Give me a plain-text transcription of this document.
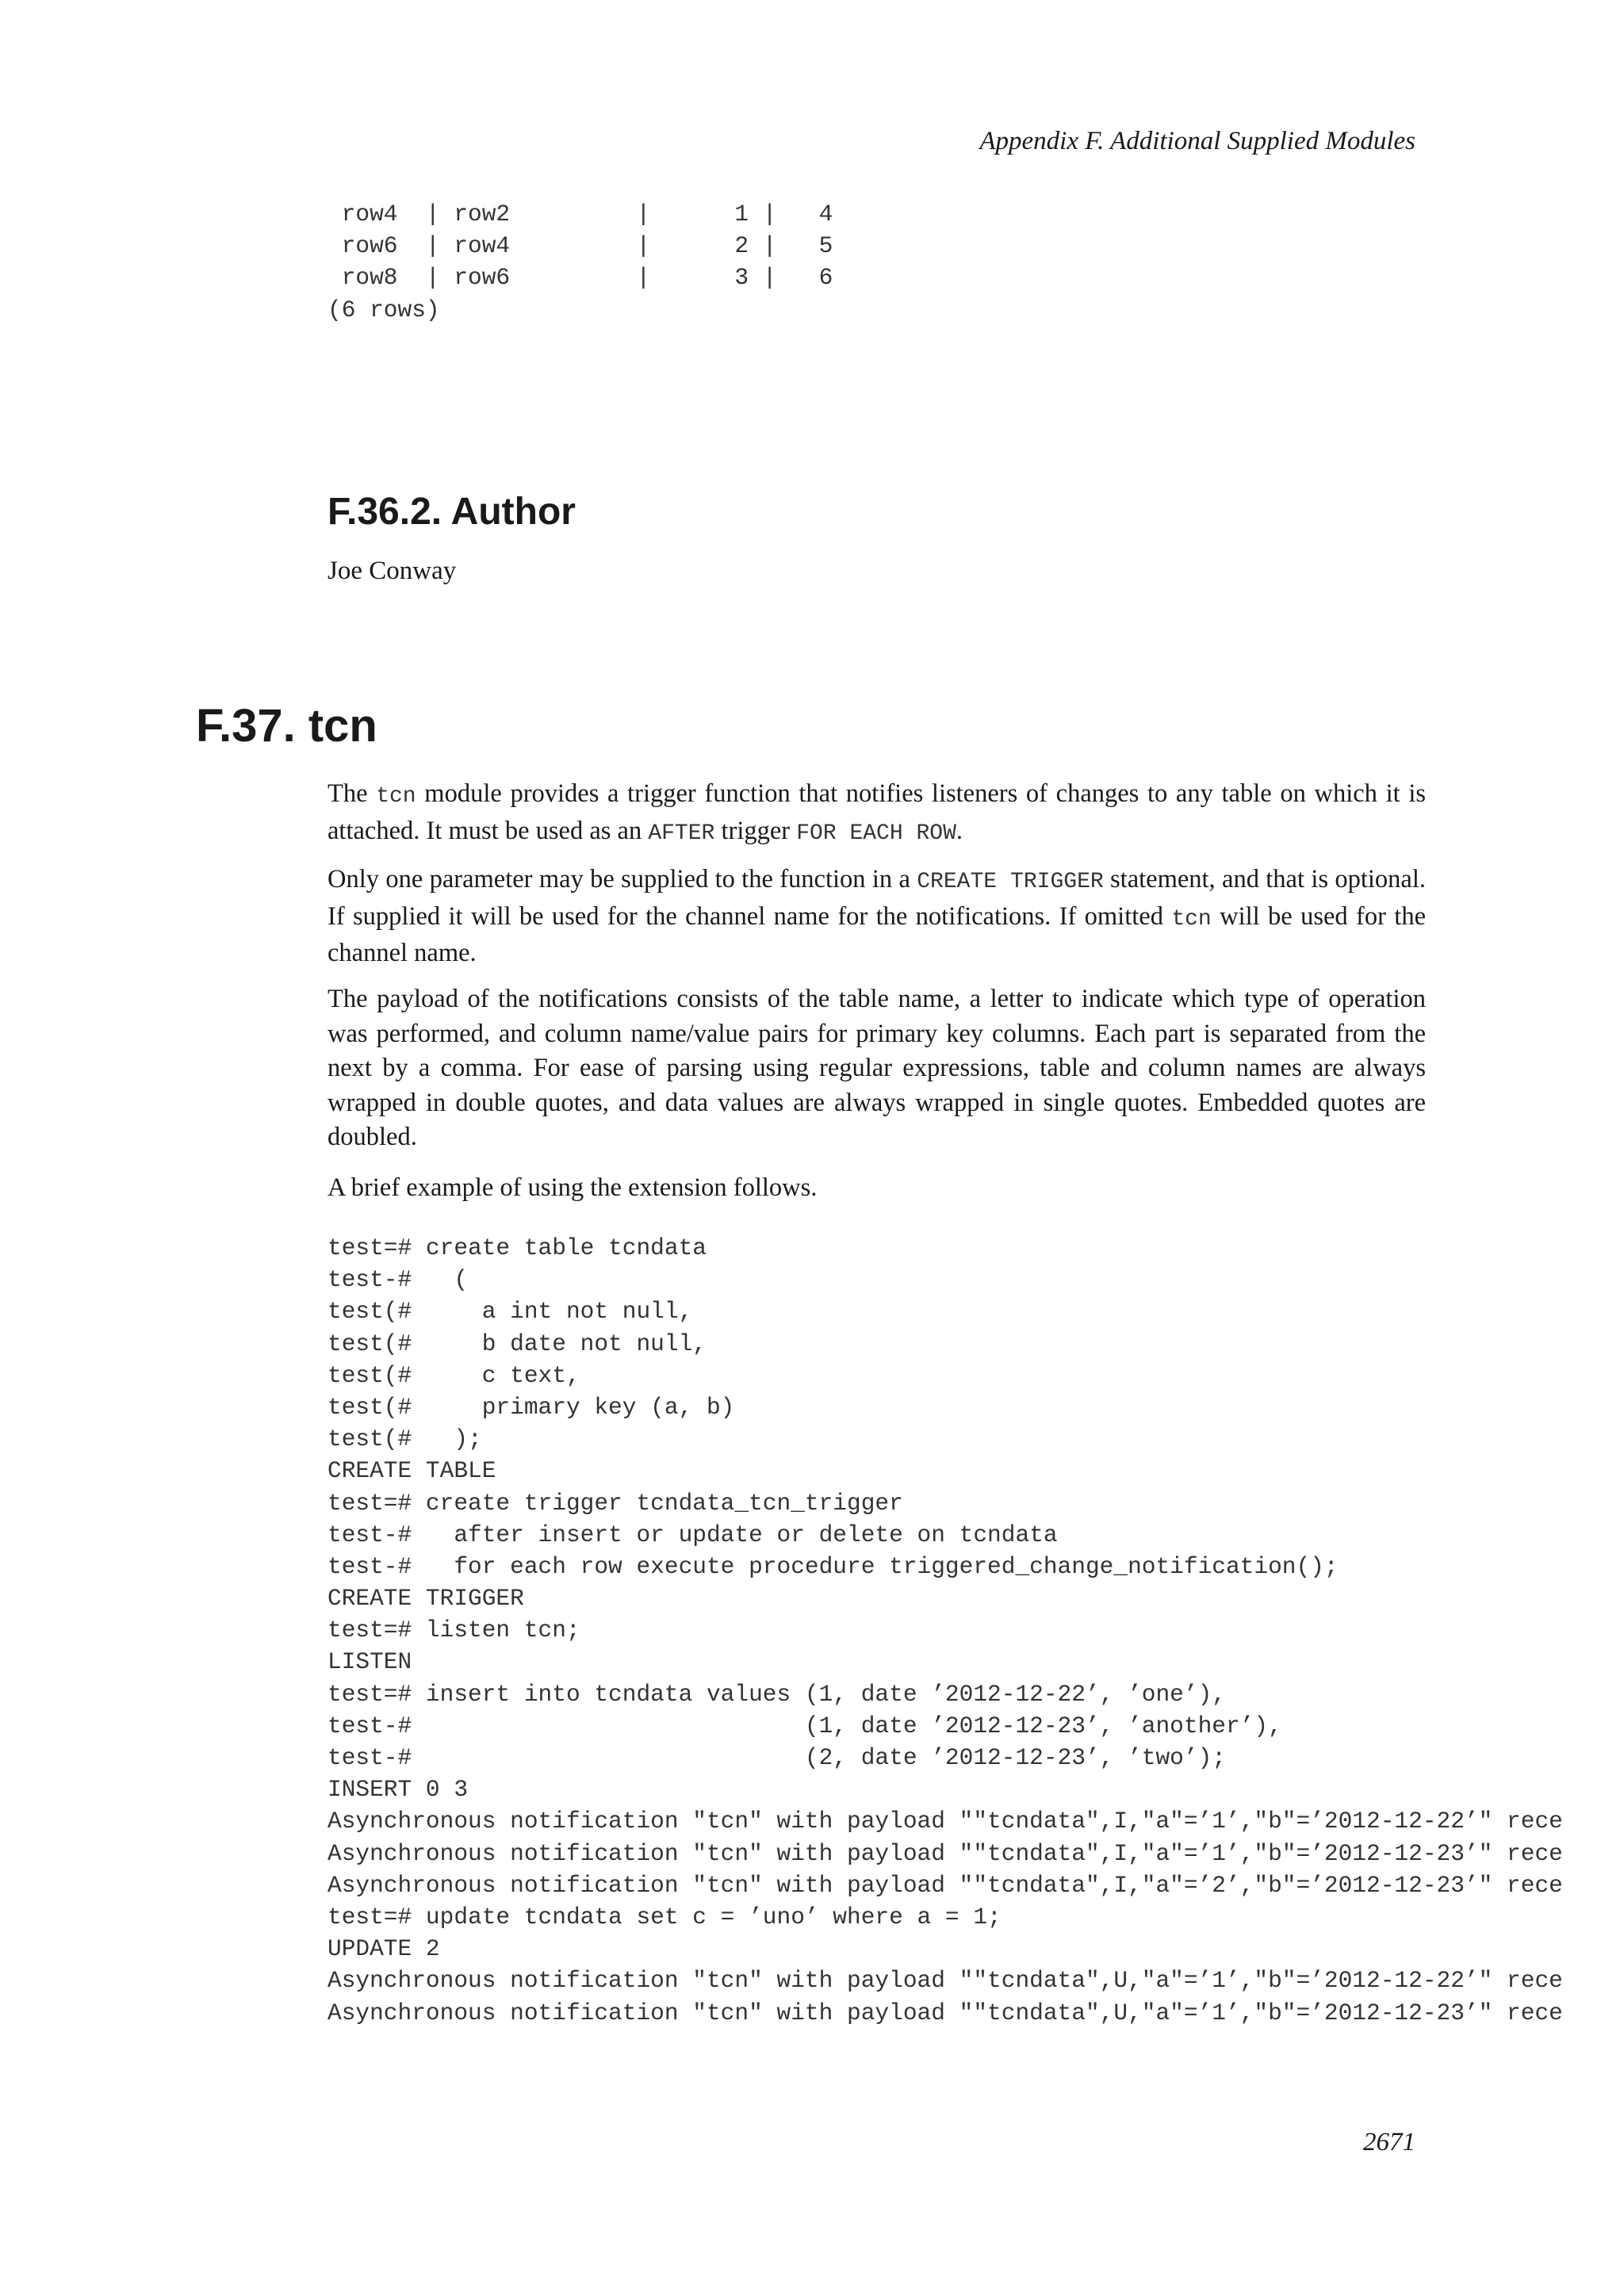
Appendix F. Additional Supplied Modules
row4  | row2         |      1 |   4
row6  | row4         |      2 |   5
row8  | row6         |      3 |   6
(6 rows)
F.36.2. Author

Joe Conway

F.37. tcn

The tcn module provides a trigger function that notifies listeners of changes to any table on which it is attached. It must be used as an AFTER trigger FOR EACH ROW.

Only one parameter may be supplied to the function in a CREATE TRIGGER statement, and that is optional. If supplied it will be used for the channel name for the notifications. If omitted tcn will be used for the channel name.

The payload of the notifications consists of the table name, a letter to indicate which type of operation was performed, and column name/value pairs for primary key columns. Each part is separated from the next by a comma. For ease of parsing using regular expressions, table and column names are always wrapped in double quotes, and data values are always wrapped in single quotes. Embedded quotes are doubled.

A brief example of using the extension follows.

test=# create table tcndata
test-#   (
test(#     a int not null,
test(#     b date not null,
test(#     c text,
test(#     primary key (a, b)
test(#   );
CREATE TABLE
test=# create trigger tcndata_tcn_trigger
test-#   after insert or update or delete on tcndata
test-#   for each row execute procedure triggered_change_notification();
CREATE TRIGGER
test=# listen tcn;
LISTEN
test=# insert into tcndata values (1, date ’2012-12-22’, ’one’),
test-#                            (1, date ’2012-12-23’, ’another’),
test-#                            (2, date ’2012-12-23’, ’two’);
INSERT 0 3
Asynchronous notification "tcn" with payload ""tcndata",I,"a"=’1’,"b"=’2012-12-22’" rece
Asynchronous notification "tcn" with payload ""tcndata",I,"a"=’1’,"b"=’2012-12-23’" rece
Asynchronous notification "tcn" with payload ""tcndata",I,"a"=’2’,"b"=’2012-12-23’" rece
test=# update tcndata set c = ’uno’ where a = 1;
UPDATE 2
Asynchronous notification "tcn" with payload ""tcndata",U,"a"=’1’,"b"=’2012-12-22’" rece
Asynchronous notification "tcn" with payload ""tcndata",U,"a"=’1’,"b"=’2012-12-23’" rece
2671
